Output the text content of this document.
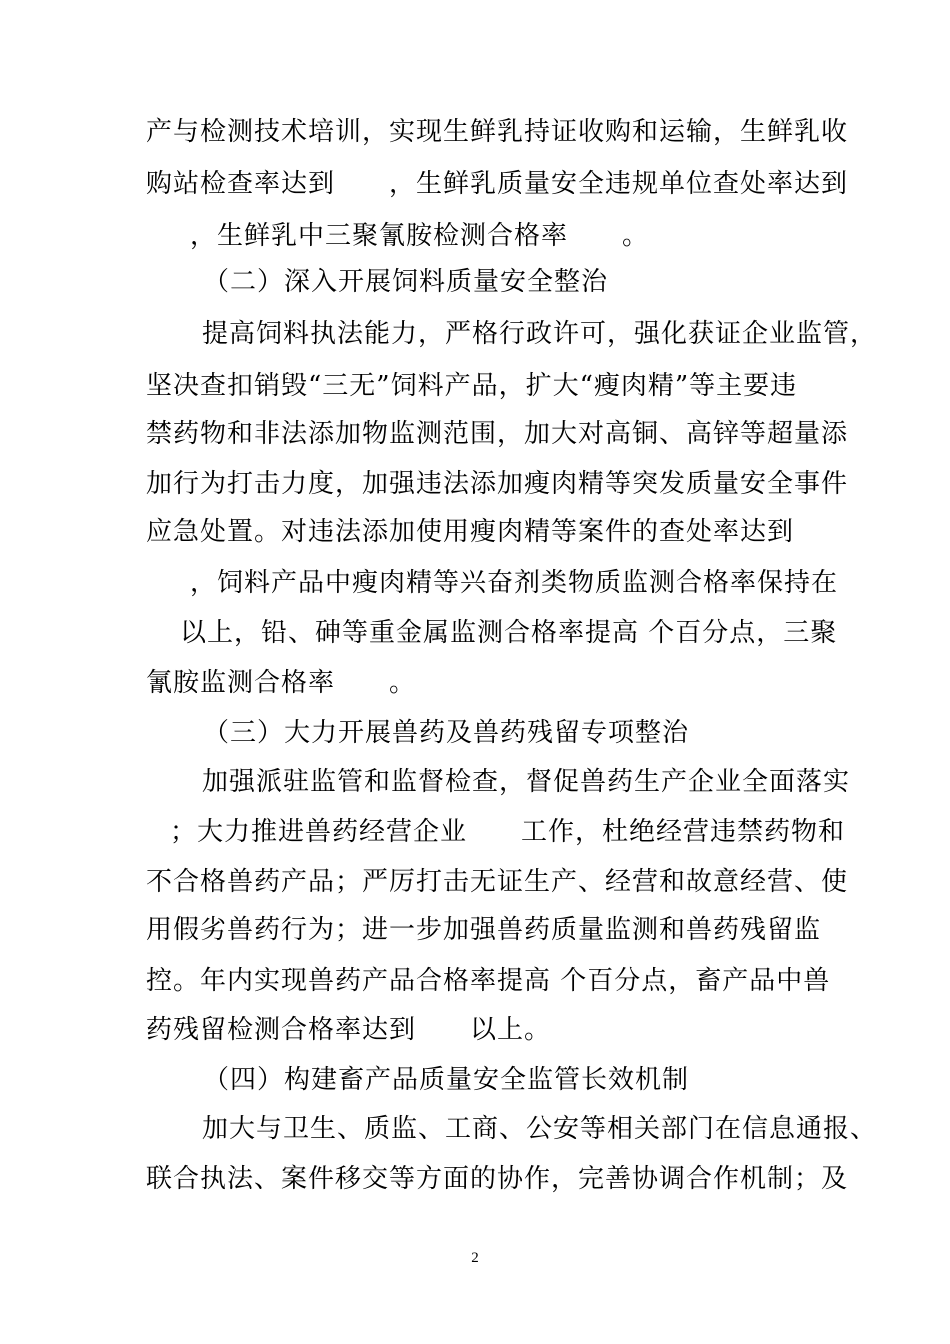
产与检测技术培训，实现生鲜乳持证收购和运输，生鲜乳收
购站检查率达到　　，生鲜乳质量安全违规单位查处率达到
，生鲜乳中三聚氰胺检测合格率　　。
（二）深入开展饲料质量安全整治
提高饲料执法能力，严格行政许可，强化获证企业监管，
坚决查扣销毁“三无”饲料产品，扩大“瘦肉精”等主要违
禁药物和非法添加物监测范围，加大对高铜、高锌等超量添
加行为打击力度，加强违法添加瘦肉精等突发质量安全事件
应急处置。对违法添加使用瘦肉精等案件的查处率达到
，饲料产品中瘦肉精等兴奋剂类物质监测合格率保持在
以上，铅、砷等重金属监测合格率提高 个百分点，三聚
氰胺监测合格率　　。
（三）大力开展兽药及兽药残留专项整治
加强派驻监管和监督检查，督促兽药生产企业全面落实
；大力推进兽药经营企业　　工作，杜绝经营违禁药物和
不合格兽药产品；严厉打击无证生产、经营和故意经营、使
用假劣兽药行为；进一步加强兽药质量监测和兽药残留监
控。年内实现兽药产品合格率提高 个百分点，畜产品中兽
药残留检测合格率达到　　以上。
（四）构建畜产品质量安全监管长效机制
加大与卫生、质监、工商、公安等相关部门在信息通报、
联合执法、案件移交等方面的协作，完善协调合作机制；及
2
